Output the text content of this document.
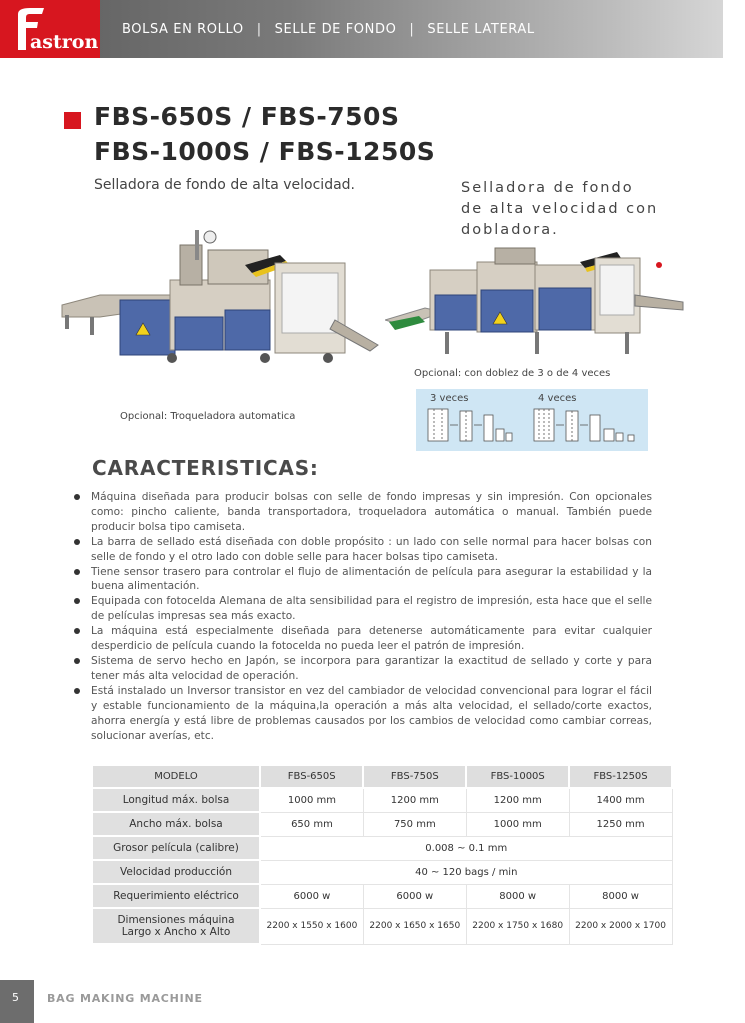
astron
BOLSA EN ROLLO | SELLE DE FONDO | SELLE LATERAL
FBS-650S / FBS-750S
FBS-1000S / FBS-1250S
Selladora de fondo de alta velocidad.	Selladora de fondo de alta velocidad con dobladora.
Opcional: con doblez de 3 o de 4 veces
3 veces	4 veces
Opcional: Troqueladora automatica
CARACTERISTICAS:
Máquina diseñada para producir bolsas con selle de fondo impresas y sin impresión. Con opcionales como: pincho caliente, banda transportadora, troqueladora automática o manual. También puede producir bolsa tipo camiseta.
La barra de sellado está diseñada con doble propósito : un lado con selle normal para hacer bolsas con selle de fondo y el otro lado con doble selle para hacer bolsas tipo camiseta.
Tiene sensor trasero para controlar el flujo de alimentación de película para asegurar la estabilidad y la buena alimentación.
Equipada con fotocelda Alemana de alta sensibilidad para el registro de impresión, esta hace que el selle de películas impresas sea más exacto.
La máquina está especialmente diseñada para detenerse automáticamente para evitar cualquier desperdicio de película cuando la fotocelda no pueda leer el patrón de impresión.
Sistema de servo hecho en Japón, se incorpora para garantizar la exactitud de sellado y corte y para tener más alta velocidad de operación.
Está instalado un Inversor transistor en vez del cambiador de velocidad convencional para lograr el fácil y estable funcionamiento de la máquina,la operación a más alta velocidad, el sellado/corte exactos, ahorra energía y está libre de problemas causados por los cambios de velocidad como cambiar correas, solucionar averías, etc.
MODELO	FBS-650S	FBS-750S	FBS-1000S	FBS-1250S
Longitud máx. bolsa	1000 mm	1200 mm	1200 mm	1400 mm
Ancho máx. bolsa	650 mm	750 mm	1000 mm	1250 mm
Grosor película (calibre)	0.008 ~ 0.1 mm			
Velocidad producción	40 ~ 120 bags / min			
Requerimiento eléctrico	6000 w	6000 w	8000 w	8000 w
Dimensiones máquina
Largo x Ancho x Alto	2200 x 1550 x 1600	2200 x 1650 x 1650	2200 x 1750 x 1680	2200 x 2000 x 1700
5	BAG MAKING MACHINE
